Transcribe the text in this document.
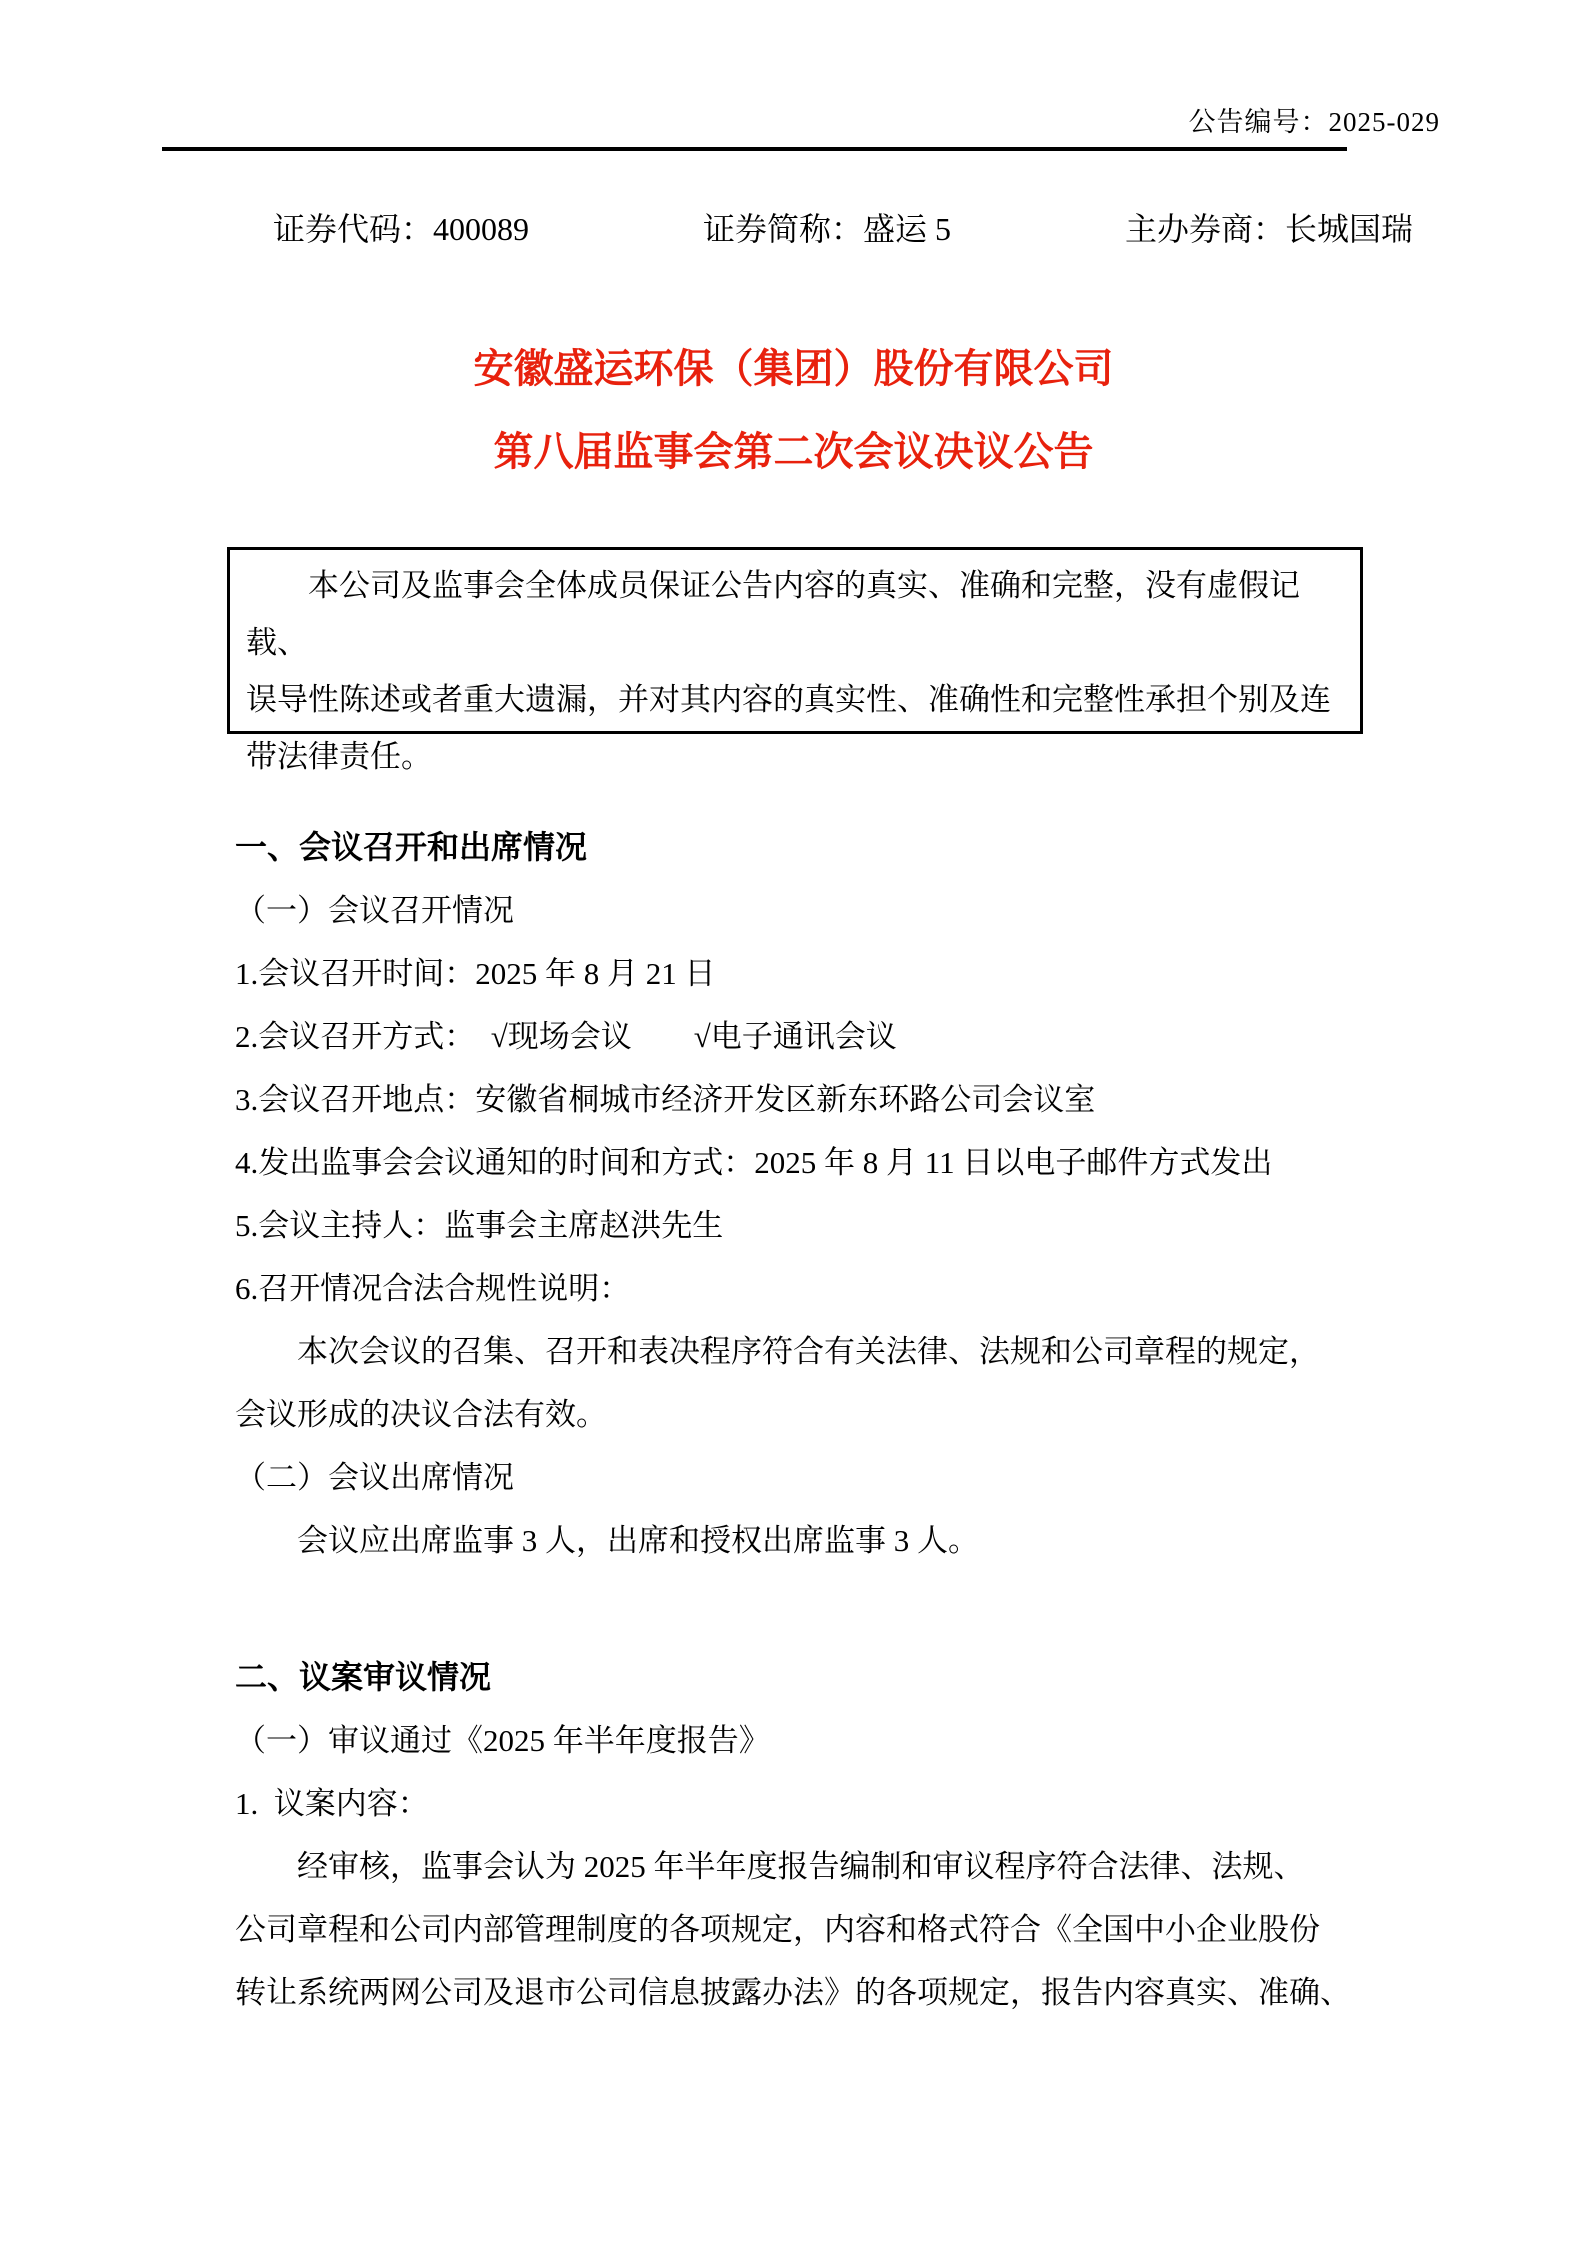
公告编号：2025-029
证券代码：400089	证券简称：盛运 5	主办券商：长城国瑞
安徽盛运环保（集团）股份有限公司
第八届监事会第二次会议决议公告
本公司及监事会全体成员保证公告内容的真实、准确和完整，没有虚假记载、
误导性陈述或者重大遗漏，并对其内容的真实性、准确性和完整性承担个别及连
带法律责任。
一、会议召开和出席情况
（一）会议召开情况
1.会议召开时间：2025 年 8 月 21 日
2.会议召开方式：　√现场会议　　√电子通讯会议
3.会议召开地点：安徽省桐城市经济开发区新东环路公司会议室
4.发出监事会会议通知的时间和方式：2025 年 8 月 11 日以电子邮件方式发出
5.会议主持人：监事会主席赵洪先生
6.召开情况合法合规性说明：
本次会议的召集、召开和表决程序符合有关法律、法规和公司章程的规定，
会议形成的决议合法有效。
（二）会议出席情况
会议应出席监事 3 人，出席和授权出席监事 3 人。
二、议案审议情况
（一）审议通过《2025 年半年度报告》
1.  议案内容：
经审核，监事会认为 2025 年半年度报告编制和审议程序符合法律、法规、
公司章程和公司内部管理制度的各项规定，内容和格式符合《全国中小企业股份
转让系统两网公司及退市公司信息披露办法》的各项规定，报告内容真实、准确、
